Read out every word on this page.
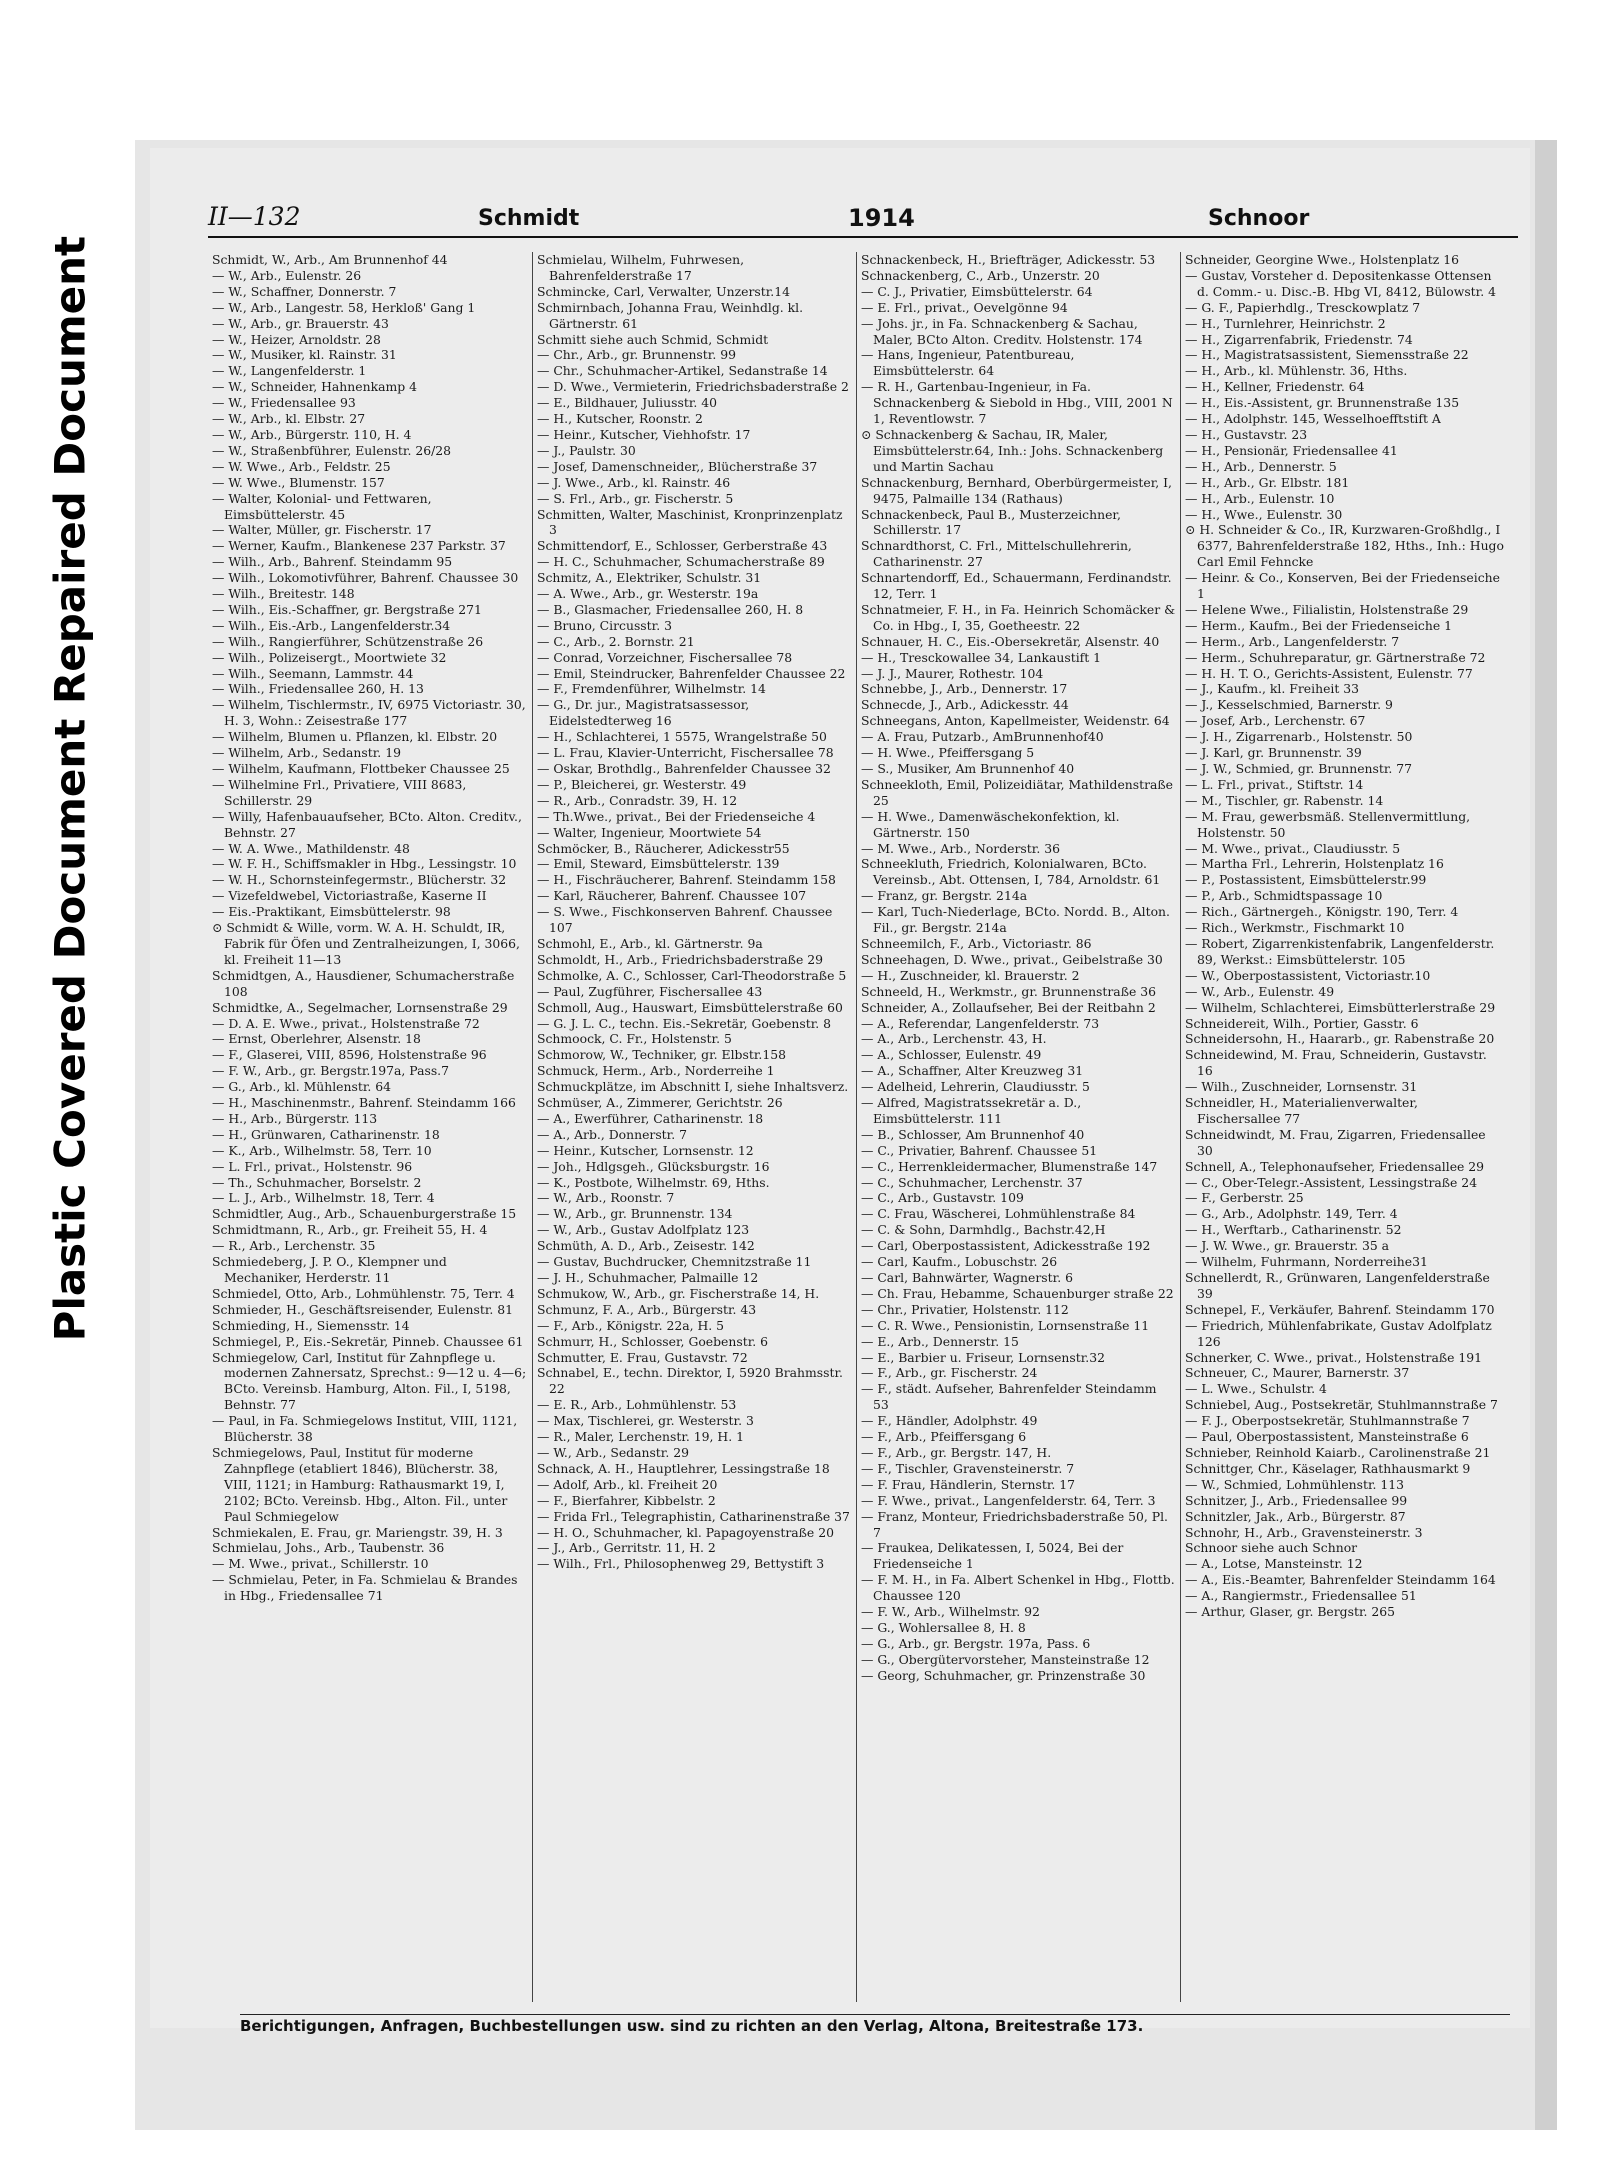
Repaired Document
Plastic Covered Document
II—132	Schmidt	1914	Schnoor

Schmidt, W., Arb., Am Brunnenhof 44

— W., Arb., Eulenstr. 26

— W., Schaffner, Donnerstr. 7

— W., Arb., Langestr. 58, Herkloß' Gang 1

— W., Arb., gr. Brauerstr. 43

— W., Heizer, Arnoldstr. 28

— W., Musiker, kl. Rainstr. 31

— W., Langenfelderstr. 1

— W., Schneider, Hahnenkamp 4

— W., Friedensallee 93

— W., Arb., kl. Elbstr. 27

— W., Arb., Bürgerstr. 110, H. 4

— W., Straßenbführer, Eulenstr. 26/28

— W. Wwe., Arb., Feldstr. 25

— W. Wwe., Blumenstr. 157

— Walter, Kolonial- und Fettwaren, Eimsbüttelerstr. 45

— Walter, Müller, gr. Fischerstr. 17

— Werner, Kaufm., Blankenese 237 Parkstr. 37

— Wilh., Arb., Bahrenf. Steindamm 95

— Wilh., Lokomotivführer, Bahrenf. Chaussee 30

— Wilh., Breitestr. 148

— Wilh., Eis.-Schaffner, gr. Bergstraße 271

— Wilh., Eis.-Arb., Langenfelderstr.34

— Wilh., Rangierführer, Schützenstraße 26

— Wilh., Polizeisergt., Moortwiete 32

— Wilh., Seemann, Lammstr. 44

— Wilh., Friedensallee 260, H. 13

— Wilhelm, Tischlermstr., IV, 6975 Victoriastr. 30, H. 3, Wohn.: Zeisestraße 177

— Wilhelm, Blumen u. Pflanzen, kl. Elbstr. 20

— Wilhelm, Arb., Sedanstr. 19

— Wilhelm, Kaufmann, Flottbeker Chaussee 25

— Wilhelmine Frl., Privatiere, VIII 8683, Schillerstr. 29

— Willy, Hafenbauaufseher, BCto. Alton. Creditv., Behnstr. 27

— W. A. Wwe., Mathildenstr. 48

— W. F. H., Schiffsmakler in Hbg., Lessingstr. 10

— W. H., Schornsteinfegermstr., Blücherstr. 32

— Vizefeldwebel, Victoriastraße, Kaserne II

— Eis.-Praktikant, Eimsbüttelerstr. 98

⊙ Schmidt & Wille, vorm. W. A. H. Schuldt, IR, Fabrik für Öfen und Zentralheizungen, I, 3066, kl. Freiheit 11—13

Schmidtgen, A., Hausdiener, Schumacherstraße 108

Schmidtke, A., Segelmacher, Lornsenstraße 29

— D. A. E. Wwe., privat., Holstenstraße 72

— Ernst, Oberlehrer, Alsenstr. 18

— F., Glaserei, VIII, 8596, Holstenstraße 96

— F. W., Arb., gr. Bergstr.197a, Pass.7

— G., Arb., kl. Mühlenstr. 64

— H., Maschinenmstr., Bahrenf. Steindamm 166

— H., Arb., Bürgerstr. 113

— H., Grünwaren, Catharinenstr. 18

— K., Arb., Wilhelmstr. 58, Terr. 10

— L. Frl., privat., Holstenstr. 96

— Th., Schuhmacher, Borselstr. 2

— L. J., Arb., Wilhelmstr. 18, Terr. 4

Schmidtler, Aug., Arb., Schauenburgerstraße 15

Schmidtmann, R., Arb., gr. Freiheit 55, H. 4

— R., Arb., Lerchenstr. 35

Schmiedeberg, J. P. O., Klempner und Mechaniker, Herderstr. 11

Schmiedel, Otto, Arb., Lohmühlenstr. 75, Terr. 4

Schmieder, H., Geschäftsreisender, Eulenstr. 81

Schmieding, H., Siemensstr. 14

Schmiegel, P., Eis.-Sekretär, Pinneb. Chaussee 61

Schmiegelow, Carl, Institut für Zahnpflege u. modernen Zahnersatz, Sprechst.: 9—12 u. 4—6; BCto. Vereinsb. Hamburg, Alton. Fil., I, 5198, Behnstr. 77

— Paul, in Fa. Schmiegelows Institut, VIII, 1121, Blücherstr. 38

Schmiegelows, Paul, Institut für moderne Zahnpflege (etabliert 1846), Blücherstr. 38, VIII, 1121; in Hamburg: Rathausmarkt 19, I, 2102; BCto. Vereinsb. Hbg., Alton. Fil., unter Paul Schmiegelow

Schmiekalen, E. Frau, gr. Mariengstr. 39, H. 3

Schmielau, Johs., Arb., Taubenstr. 36

— M. Wwe., privat., Schillerstr. 10

— Schmielau, Peter, in Fa. Schmielau & Brandes in Hbg., Friedensallee 71

Schmielau, Wilhelm, Fuhrwesen, Bahrenfelderstraße 17

Schmincke, Carl, Verwalter, Unzerstr.14

Schmirnbach, Johanna Frau, Weinhdlg. kl. Gärtnerstr. 61

Schmitt siehe auch Schmid, Schmidt

— Chr., Arb., gr. Brunnenstr. 99

— Chr., Schuhmacher-Artikel, Sedanstraße 14

— D. Wwe., Vermieterin, Friedrichsbaderstraße 2

— E., Bildhauer, Juliusstr. 40

— H., Kutscher, Roonstr. 2

— Heinr., Kutscher, Viehhofstr. 17

— J., Paulstr. 30

— Josef, Damenschneider,, Blücherstraße 37

— J. Wwe., Arb., kl. Rainstr. 46

— S. Frl., Arb., gr. Fischerstr. 5

Schmitten, Walter, Maschinist, Kronprinzenplatz 3

Schmittendorf, E., Schlosser, Gerberstraße 43

— H. C., Schuhmacher, Schumacherstraße 89

Schmitz, A., Elektriker, Schulstr. 31

— A. Wwe., Arb., gr. Westerstr. 19a

— B., Glasmacher, Friedensallee 260, H. 8

— Bruno, Circusstr. 3

— C., Arb., 2. Bornstr. 21

— Conrad, Vorzeichner, Fischersallee 78

— Emil, Steindrucker, Bahrenfelder Chaussee 22

— F., Fremdenführer, Wilhelmstr. 14

— G., Dr. jur., Magistratsassessor, Eidelstedterweg 16

— H., Schlachterei, 1 5575, Wrangelstraße 50

— L. Frau, Klavier-Unterricht, Fischersallee 78

— Oskar, Brothdlg., Bahrenfelder Chaussee 32

— P., Bleicherei, gr. Westerstr. 49

— R., Arb., Conradstr. 39, H. 12

— Th.Wwe., privat., Bei der Friedenseiche 4

— Walter, Ingenieur, Moortwiete 54

Schmöcker, B., Räucherer, Adickesstr55

— Emil, Steward, Eimsbüttelerstr. 139

— H., Fischräucherer, Bahrenf. Steindamm 158

— Karl, Räucherer, Bahrenf. Chaussee 107

— S. Wwe., Fischkonserven Bahrenf. Chaussee 107

Schmohl, E., Arb., kl. Gärtnerstr. 9a

Schmoldt, H., Arb., Friedrichsbaderstraße 29

Schmolke, A. C., Schlosser, Carl-Theodorstraße 5

— Paul, Zugführer, Fischersallee 43

Schmoll, Aug., Hauswart, Eimsbüttelerstraße 60

— G. J. L. C., techn. Eis.-Sekretär, Goebenstr. 8

Schmoock, C. Fr., Holstenstr. 5

Schmorow, W., Techniker, gr. Elbstr.158

Schmuck, Herm., Arb., Norderreihe 1

Schmuckplätze, im Abschnitt I, siehe Inhaltsverz.

Schmüser, A., Zimmerer, Gerichtstr. 26

— A., Ewerführer, Catharinenstr. 18

— A., Arb., Donnerstr. 7

— Heinr., Kutscher, Lornsenstr. 12

— Joh., Hdlgsgeh., Glücksburgstr. 16

— K., Postbote, Wilhelmstr. 69, Hths.

— W., Arb., Roonstr. 7

— W., Arb., gr. Brunnenstr. 134

— W., Arb., Gustav Adolfplatz 123

Schmüth, A. D., Arb., Zeisestr. 142

— Gustav, Buchdrucker, Chemnitzstraße 11

— J. H., Schuhmacher, Palmaille 12

Schmukow, W., Arb., gr. Fischerstraße 14, H.

Schmunz, F. A., Arb., Bürgerstr. 43

— F., Arb., Königstr. 22a, H. 5

Schmurr, H., Schlosser, Goebenstr. 6

Schmutter, E. Frau, Gustavstr. 72

Schnabel, E., techn. Direktor, I, 5920 Brahmsstr. 22

— E. R., Arb., Lohmühlenstr. 53

— Max, Tischlerei, gr. Westerstr. 3

— R., Maler, Lerchenstr. 19, H. 1

— W., Arb., Sedanstr. 29

Schnack, A. H., Hauptlehrer, Lessingstraße 18

— Adolf, Arb., kl. Freiheit 20

— F., Bierfahrer, Kibbelstr. 2

— Frida Frl., Telegraphistin, Catharinenstraße 37

— H. O., Schuhmacher, kl. Papagoyenstraße 20

— J., Arb., Gerritstr. 11, H. 2

— Wilh., Frl., Philosophenweg 29, Bettystift 3

Schnackenbeck, H., Briefträger, Adickesstr. 53

Schnackenberg, C., Arb., Unzerstr. 20

— C. J., Privatier, Eimsbüttelerstr. 64

— E. Frl., privat., Oevelgönne 94

— Johs. jr., in Fa. Schnackenberg & Sachau, Maler, BCto Alton. Creditv. Holstenstr. 174

— Hans, Ingenieur, Patentbureau, Eimsbüttelerstr. 64

— R. H., Gartenbau-Ingenieur, in Fa. Schnackenberg & Siebold in Hbg., VIII, 2001 N 1, Reventlowstr. 7

⊙ Schnackenberg & Sachau, IR, Maler, Eimsbüttelerstr.64, Inh.: Johs. Schnackenberg und Martin Sachau

Schnackenburg, Bernhard, Oberbürgermeister, I, 9475, Palmaille 134 (Rathaus)

Schnackenbeck, Paul B., Musterzeichner, Schillerstr. 17

Schnardthorst, C. Frl., Mittelschullehrerin, Catharinenstr. 27

Schnartendorff, Ed., Schauermann, Ferdinandstr. 12, Terr. 1

Schnatmeier, F. H., in Fa. Heinrich Schomäcker & Co. in Hbg., I, 35, Goetheestr. 22

Schnauer, H. C., Eis.-Obersekretär, Alsenstr. 40

— H., Tresckowallee 34, Lankaustift 1

— J. J., Maurer, Rothestr. 104

Schnebbe, J., Arb., Dennerstr. 17

Schnecde, J., Arb., Adickesstr. 44

Schneegans, Anton, Kapellmeister, Weidenstr. 64

— A. Frau, Putzarb., AmBrunnenhof40

— H. Wwe., Pfeiffersgang 5

— S., Musiker, Am Brunnenhof 40

Schneekloth, Emil, Polizeidiätar, Mathildenstraße 25

— H. Wwe., Damenwäschekonfektion, kl. Gärtnerstr. 150

— M. Wwe., Arb., Norderstr. 36

Schneekluth, Friedrich, Kolonialwaren, BCto. Vereinsb., Abt. Ottensen, I, 784, Arnoldstr. 61

— Franz, gr. Bergstr. 214a

— Karl, Tuch-Niederlage, BCto. Nordd. B., Alton. Fil., gr. Bergstr. 214a

Schneemilch, F., Arb., Victoriastr. 86

Schneehagen, D. Wwe., privat., Geibelstraße 30

— H., Zuschneider, kl. Brauerstr. 2

Schneeld, H., Werkmstr., gr. Brunnenstraße 36

Schneider, A., Zollaufseher, Bei der Reitbahn 2

— A., Referendar, Langenfelderstr. 73

— A., Arb., Lerchenstr. 43, H.

— A., Schlosser, Eulenstr. 49

— A., Schaffner, Alter Kreuzweg 31

— Adelheid, Lehrerin, Claudiusstr. 5

— Alfred, Magistratssekretär a. D., Eimsbüttelerstr. 111

— B., Schlosser, Am Brunnenhof 40

— C., Privatier, Bahrenf. Chaussee 51

— C., Herrenkleidermacher, Blumenstraße 147

— C., Schuhmacher, Lerchenstr. 37

— C., Arb., Gustavstr. 109

— C. Frau, Wäscherei, Lohmühlenstraße 84

— C. & Sohn, Darmhdlg., Bachstr.42,H

— Carl, Oberpostassistent, Adickesstraße 192

— Carl, Kaufm., Lobuschstr. 26

— Carl, Bahnwärter, Wagnerstr. 6

— Ch. Frau, Hebamme, Schauenburger straße 22

— Chr., Privatier, Holstenstr. 112

— C. R. Wwe., Pensionistin, Lornsenstraße 11

— E., Arb., Dennerstr. 15

— E., Barbier u. Friseur, Lornsenstr.32

— F., Arb., gr. Fischerstr. 24

— F., städt. Aufseher, Bahrenfelder Steindamm 53

— F., Händler, Adolphstr. 49

— F., Arb., Pfeiffersgang 6

— F., Arb., gr. Bergstr. 147, H.

— F., Tischler, Gravensteinerstr. 7

— F. Frau, Händlerin, Sternstr. 17

— F. Wwe., privat., Langenfelderstr. 64, Terr. 3

— Franz, Monteur, Friedrichsbaderstraße 50, Pl. 7

— Fraukea, Delikatessen, I, 5024, Bei der Friedenseiche 1

— F. M. H., in Fa. Albert Schenkel in Hbg., Flottb. Chaussee 120

— F. W., Arb., Wilhelmstr. 92

— G., Wohlersallee 8, H. 8

— G., Arb., gr. Bergstr. 197a, Pass. 6

— G., Obergütervorsteher, Mansteinstraße 12

— Georg, Schuhmacher, gr. Prinzenstraße 30

Schneider, Georgine Wwe., Holstenplatz 16

— Gustav, Vorsteher d. Depositenkasse Ottensen d. Comm.- u. Disc.-B. Hbg VI, 8412, Bülowstr. 4

— G. F., Papierhdlg., Tresckowplatz 7

— H., Turnlehrer, Heinrichstr. 2

— H., Zigarrenfabrik, Friedenstr. 74

— H., Magistratsassistent, Siemensstraße 22

— H., Arb., kl. Mühlenstr. 36, Hths.

— H., Kellner, Friedenstr. 64

— H., Eis.-Assistent, gr. Brunnenstraße 135

— H., Adolphstr. 145, Wesselhoefftstift A

— H., Gustavstr. 23

— H., Pensionär, Friedensallee 41

— H., Arb., Dennerstr. 5

— H., Arb., Gr. Elbstr. 181

— H., Arb., Eulenstr. 10

— H., Wwe., Eulenstr. 30

⊙ H. Schneider & Co., IR, Kurzwaren-Großhdlg., I 6377, Bahrenfelderstraße 182, Hths., Inh.: Hugo Carl Emil Fehncke

— Heinr. & Co., Konserven, Bei der Friedenseiche 1

— Helene Wwe., Filialistin, Holstenstraße 29

— Herm., Kaufm., Bei der Friedenseiche 1

— Herm., Arb., Langenfelderstr. 7

— Herm., Schuhreparatur, gr. Gärtnerstraße 72

— H. H. T. O., Gerichts-Assistent, Eulenstr. 77

— J., Kaufm., kl. Freiheit 33

— J., Kesselschmied, Barnerstr. 9

— Josef, Arb., Lerchenstr. 67

— J. H., Zigarrenarb., Holstenstr. 50

— J. Karl, gr. Brunnenstr. 39

— J. W., Schmied, gr. Brunnenstr. 77

— L. Frl., privat., Stiftstr. 14

— M., Tischler, gr. Rabenstr. 14

— M. Frau, gewerbsmäß. Stellenvermittlung, Holstenstr. 50

— M. Wwe., privat., Claudiusstr. 5

— Martha Frl., Lehrerin, Holstenplatz 16

— P., Postassistent, Eimsbüttelerstr.99

— P., Arb., Schmidtspassage 10

— Rich., Gärtnergeh., Königstr. 190, Terr. 4

— Rich., Werkmstr., Fischmarkt 10

— Robert, Zigarrenkistenfabrik, Langenfelderstr. 89, Werkst.: Eimsbüttelerstr. 105

— W., Oberpostassistent, Victoriastr.10

— W., Arb., Eulenstr. 49

— Wilhelm, Schlachterei, Eimsbütterlerstraße 29

Schneidereit, Wilh., Portier, Gasstr. 6

Schneidersohn, H., Haararb., gr. Rabenstraße 20

Schneidewind, M. Frau, Schneiderin, Gustavstr. 16

— Wilh., Zuschneider, Lornsenstr. 31

Schneidler, H., Materialienverwalter, Fischersallee 77

Schneidwindt, M. Frau, Zigarren, Friedensallee 30

Schnell, A., Telephonaufseher, Friedensallee 29

— C., Ober-Telegr.-Assistent, Lessingstraße 24

— F., Gerberstr. 25

— G., Arb., Adolphstr. 149, Terr. 4

— H., Werftarb., Catharinenstr. 52

— J. W. Wwe., gr. Brauerstr. 35 a

— Wilhelm, Fuhrmann, Norderreihe31

Schnellerdt, R., Grünwaren, Langenfelderstraße 39

Schnepel, F., Verkäufer, Bahrenf. Steindamm 170

— Friedrich, Mühlenfabrikate, Gustav Adolfplatz 126

Schnerker, C. Wwe., privat., Holstenstraße 191

Schneuer, C., Maurer, Barnerstr. 37

— L. Wwe., Schulstr. 4

Schniebel, Aug., Postsekretär, Stuhlmannstraße 7

— F. J., Oberpostsekretär, Stuhlmannstraße 7

— Paul, Oberpostassistent, Mansteinstraße 6

Schnieber, Reinhold Kaiarb., Carolinenstraße 21

Schnittger, Chr., Käselager, Rathhausmarkt 9

— W., Schmied, Lohmühlenstr. 113

Schnitzer, J., Arb., Friedensallee 99

Schnitzler, Jak., Arb., Bürgerstr. 87

Schnohr, H., Arb., Gravensteinerstr. 3

Schnoor siehe auch Schnor

— A., Lotse, Mansteinstr. 12

— A., Eis.-Beamter, Bahrenfelder Steindamm 164

— A., Rangiermstr., Friedensallee 51

— Arthur, Glaser, gr. Bergstr. 265

Berichtigungen, Anfragen, Buchbestellungen usw. sind zu richten an den Verlag, Altona, Breitestraße 173.
